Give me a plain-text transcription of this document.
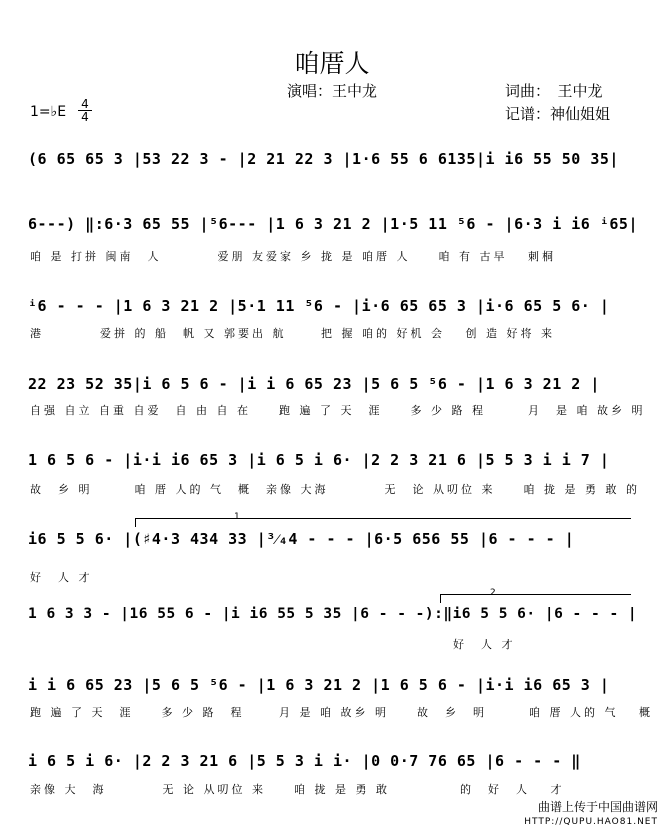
咱厝人
演唱：王中龙	词曲：　王中龙
记谱：神仙姐姐
1=♭E 4
4
(6 65 65 3 |53 22 3 - |2 21 22 3 |1·6 55 6 6135|i i6 55 50 35|
6---) ‖:6·3 65 55 |⁵6--- |1 6 3 21 2 |1·5 11 ⁵6 - |6·3 i i6 ⁱ65|
咱 是 打拼 闽南　人　　　　爱朋 友爱家 乡 拢 是 咱厝 人　　咱 有 古早　 刺桐
ⁱ6 - - - |1 6 3 21 2 |5·1 11 ⁵6 - |i·6 65 65 3 |i·6 65 5 6· |
港　　　　爱拼 的 船　帆 又 郭要出 航　　 把 握 咱的 好机 会　 创 造 好将 来
22 23 52 35|i 6 5 6 - |i i 6 65 23 |5 6 5 ⁵6 - |1 6 3 21 2 |
自强 自立 自重 自爱　自 由 自 在　　跑 遍 了 天　涯　　多 少 路 程　　　月　是 咱 故乡 明
1 6 5 6 - |i·i i6 65 3 |i 6 5 i 6· |2 2 3 21 6 |5 5 3 i i 7 |
故　乡 明　　　咱 厝 人的 气　概　亲像 大海　　　　无　论 从叨位 来　　咱 拢 是 勇 敢 的
1
i6 5 5 6· |(♯4·3 434 33 |³⁄₄4 - - - |6·5 656 55 |6 - - - |
好　人 才
2
1 6 3 3 - |16 55 6 - |i i6 55 5 35 |6 - - -):‖i6 5 5 6· |6 - - - |
好　人 才
i i 6 65 23 |5 6 5 ⁵6 - |1 6 3 21 2 |1 6 5 6 - |i·i i6 65 3 |
跑 遍 了 天　涯　　多 少 路　程　　 月 是 咱 故乡 明　　故　乡　明　　　咱 厝 人的 气　 概
i 6 5 i 6· |2 2 3 21 6 |5 5 3 i i· |0 0·7 76 65 |6 - - - ‖
亲像 大　海　　　　无 论 从叨位 来　　咱 拢 是 勇 敢　　　　　的　好　人　 才
曲谱上传于中国曲谱网
HTTP://QUPU.HAO81.NET
